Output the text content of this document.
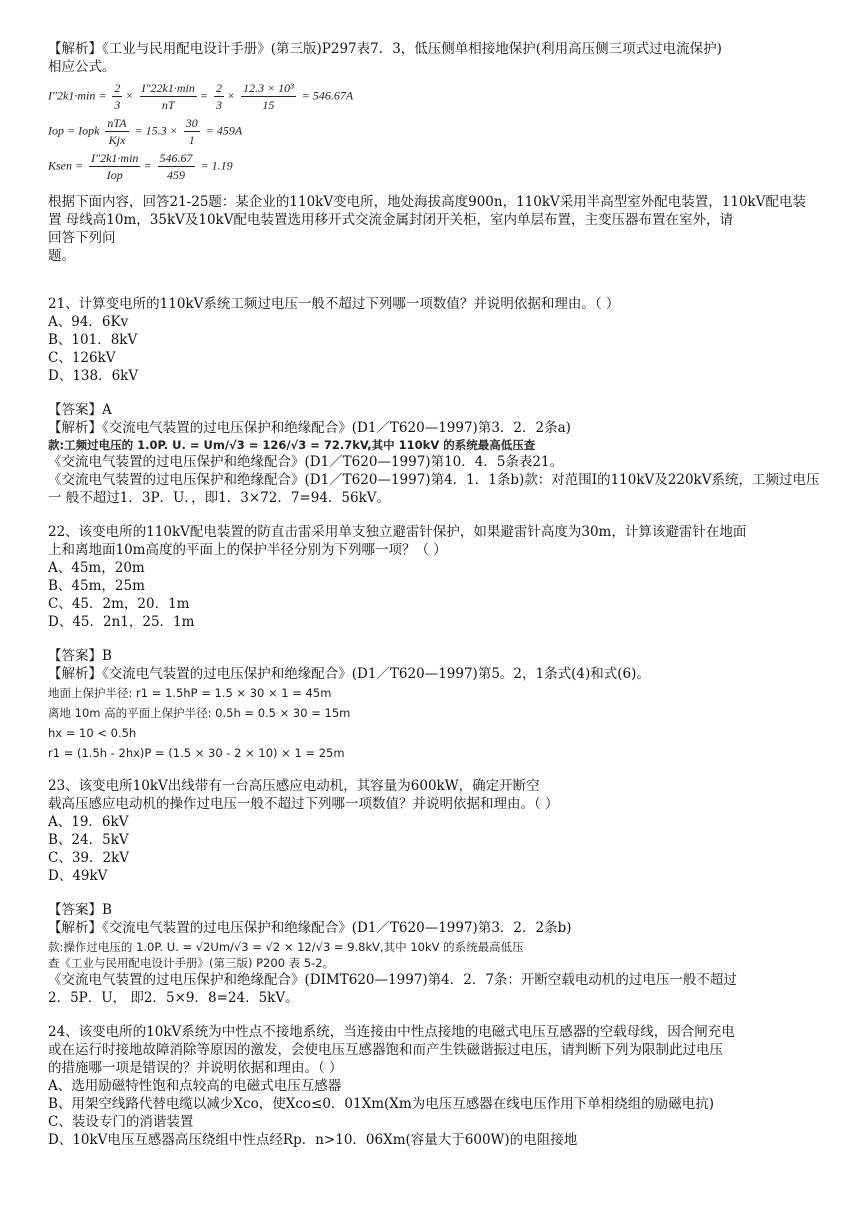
【解析】《工业与民用配电设计手册》(第三版)P297表7．3，低压侧单相接地保护(利用高压侧三项式过电流保护)
相应公式。
$I''2k1\cdot\min = \frac{2}{3} \times \frac{I''22k1\cdot\min}{nT} = \frac{2}{3} \times \frac{\text{12.3 × 10³}}{15} = 546.67A$
Iop = Iopk $\frac{\text{nTA}}{\text{Kjx}} = 15.3 \times \frac{30}{1} = 459A$
Ksen = $\frac{I''2k1\cdot\min}{\text{Iop}} = \frac{546.67}{459} = 1.19$
根据下面内容，回答21-25题：某企业的110kV变电所，地处海拔高度900n，110kV采用半高型室外配电装置，110kV配电装
置 母线高10m，35kV及10kV配电装置选用移开式交流金属封闭开关柜，室内单层布置，主变压器布置在室外，请
回答下列问
题。
21、计算变电所的110kV系统工频过电压一般不超过下列哪一项数值？并说明依据和理由。（ ）
A、94．6Kv
B、101．8kV
C、126kV
D、138．6kV
【答案】A
【解析】《交流电气装置的过电压保护和绝缘配合》(D1／T620—1997)第3．2．2条a)
款:工频过电压的 1.0P. U. = Um/√3 = 126/√3 = 72.7kV,其中 110kV 的系统最高低压查
《交流电气装置的过电压保护和绝缘配合》(D1／T620—1997)第10．4．5条表21。
《交流电气装置的过电压保护和绝缘配合》(D1／T620—1997)第4．1．1条b)款：对范围I的110kV及220kV系统，工频过电压
一 般不超过1．3P．U．，即1．3×72．7=94．56kV。
22、该变电所的110kV配电装置的防直击雷采用单支独立避雷针保护，如果避雷针高度为30m，计算该避雷针在地面
上和离地面10m高度的平面上的保护半径分别为下列哪一项？（ ）
A、45m，20m
B、45m，25m
C、45．2m，20．1m
D、45．2n1，25．1m
【答案】B
【解析】《交流电气装置的过电压保护和绝缘配合》(D1／T620—1997)第5。2，1条式(4)和式(6)。
地面上保护半径: r1 = 1.5hP = 1.5 × 30 × 1 = 45m
离地 10m 高的平面上保护半径: 0.5h = 0.5 × 30 = 15m
hx = 10 < 0.5h
r1 = (1.5h - 2hx)P = (1.5 × 30 - 2 × 10) × 1 = 25m
23、该变电所10kV出线带有一台高压感应电动机，其容量为600kW，确定开断空
载高压感应电动机的操作过电压一般不超过下列哪一项数值？并说明依据和理由。（ ）
A、19．6kV
B、24．5kV
C、39．2kV
D、49kV
【答案】B
【解析】《交流电气装置的过电压保护和绝缘配合》(D1／T620—1997)第3．2．2条b)
款:操作过电压的 1.0P. U. = √2Um/√3 = √2 × 12/√3 = 9.8kV,其中 10kV 的系统最高低压
查《工业与民用配电设计手册》(第三版) P200 表 5-2。
《交流电气装置的过电压保护和绝缘配合》(DIMT620—1997)第4．2．7条：开断空载电动机的过电压一般不超过
2．5P．U， 即2．5×9．8=24．5kV。
24、该变电所的10kV系统为中性点不接地系统，当连接由中性点接地的电磁式电压互感器的空载母线，因合闸充电
或在运行时接地故障消除等原因的激发，会使电压互感器饱和而产生铁磁谐振过电压，请判断下列为限制此过电压
的措施哪一项是错误的？并说明依据和理由。（ ）
A、选用励磁特性饱和点较高的电磁式电压互感器
B、用架空线路代替电缆以减少Xco，使Xco≤0．01Xm(Xm为电压互感器在线电压作用下单相绕组的励磁电抗)
C、装设专门的消谐装置
D、10kV电压互感器高压绕组中性点经Rp．n>10．06Xm(容量大于600W)的电阻接地
